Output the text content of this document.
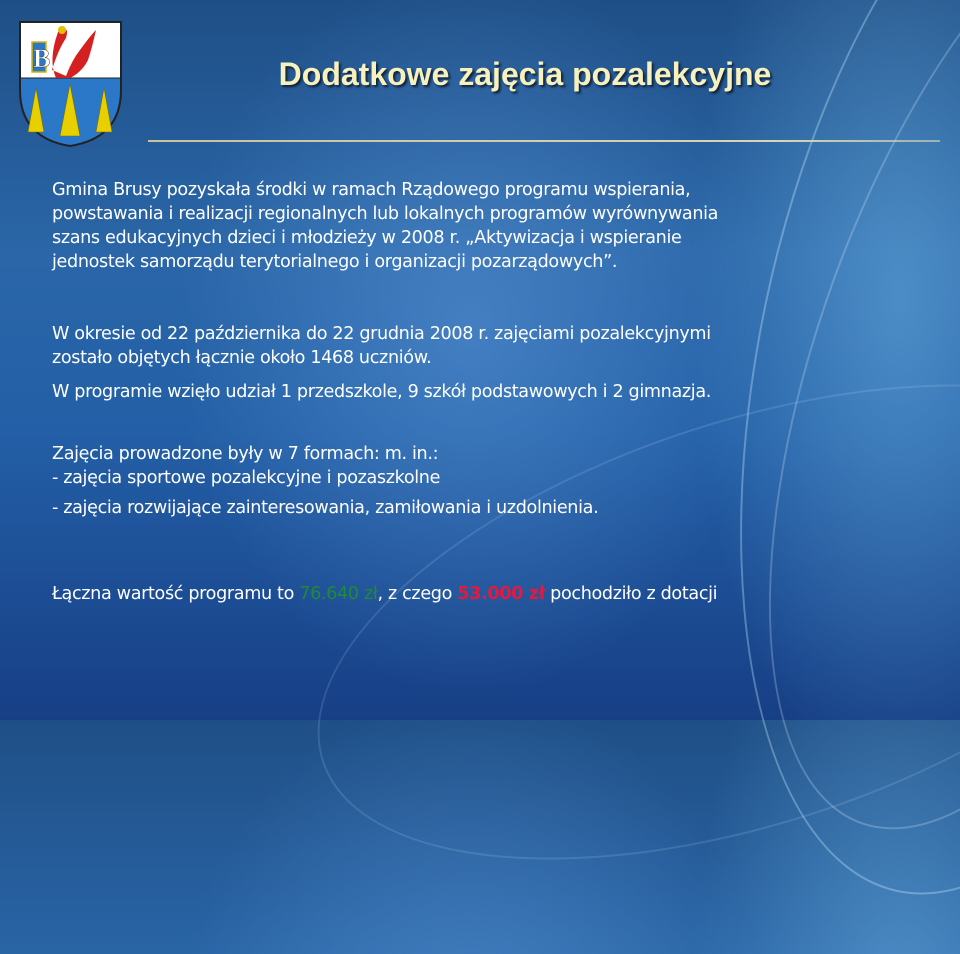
B	Dodatkowe zajęcia pozalekcyjne
Gmina Brusy pozyskała środki w ramach Rządowego programu wspierania,
powstawania i realizacji regionalnych lub lokalnych programów wyrównywania
szans edukacyjnych dzieci i młodzieży w 2008 r. „Aktywizacja i wspieranie
jednostek samorządu terytorialnego i organizacji pozarządowych”.
W okresie od 22 października do 22 grudnia 2008 r. zajęciami pozalekcyjnymi
zostało objętych łącznie około 1468 uczniów.
W programie wzięło udział 1 przedszkole, 9 szkół podstawowych i 2 gimnazja.
Zajęcia prowadzone były w 7 formach: m. in.:
- zajęcia sportowe pozalekcyjne i pozaszkolne
- zajęcia rozwijające zainteresowania, zamiłowania i uzdolnienia.
Łączna wartość programu to 76.640 zł, z czego 53.000 zł pochodziło z dotacji
